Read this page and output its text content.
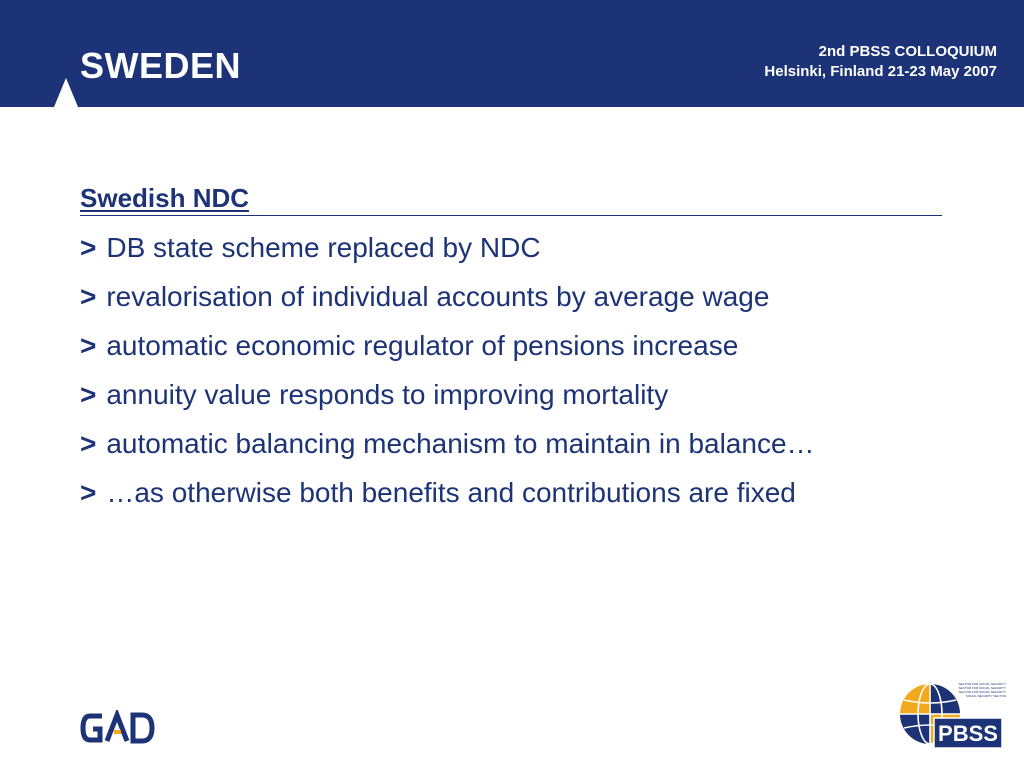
SWEDEN	2nd PBSS COLLOQUIUM
Helsinki, Finland 21-23 May 2007
Swedish NDC
> DB state scheme replaced by NDC
> revalorisation of individual accounts by average wage
> automatic economic regulator of pensions increase
> annuity value responds to improving mortality
> automatic balancing mechanism to maintain in balance…
> …as otherwise both benefits and contributions are fixed
PBSS
SECTOR FOR SOCIAL SECURITY
SECTOR FOR SOCIAL SECURITY
SECTOR FOR SOCIAL SECURITY
SOCIAL SECURITY SECTOR
